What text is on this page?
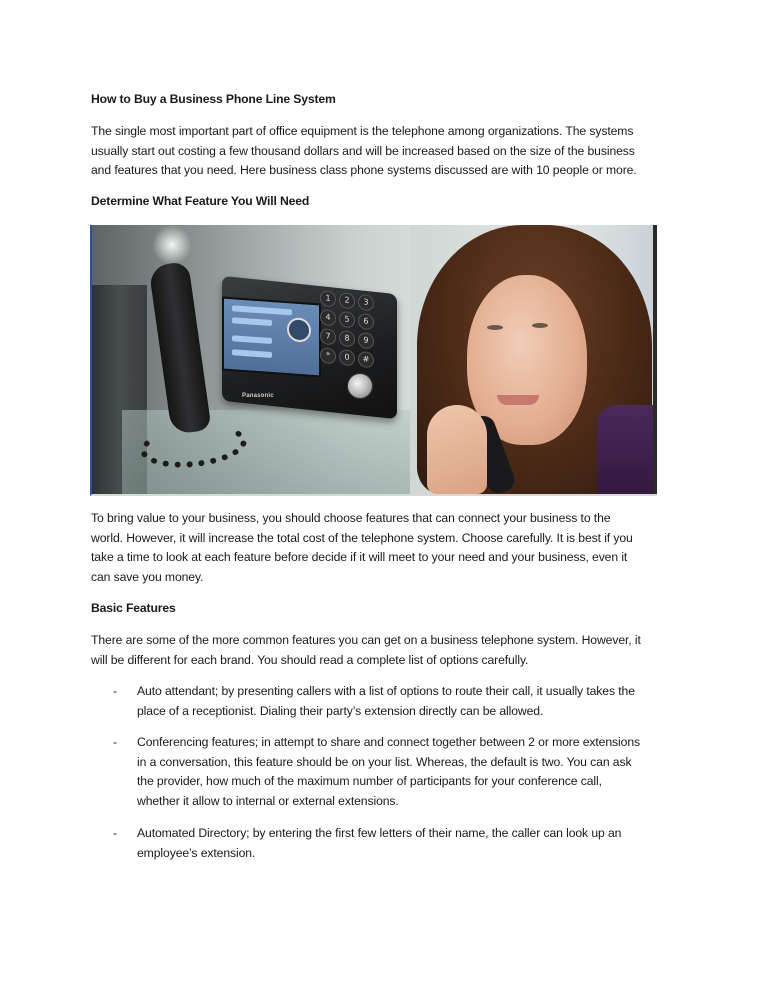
How to Buy a Business Phone Line System
The single most important part of office equipment is the telephone among organizations. The systems
usually start out costing a few thousand dollars and will be increased based on the size of the business
and features that you need. Here business class phone systems discussed are with 10 people or more.
Determine What Feature You Will Need
1	2	3
4	5	6
7	8	9
*	0	#
Panasonic
To bring value to your business, you should choose features that can connect your business to the
world. However, it will increase the total cost of the telephone system. Choose carefully. It is best if you
take a time to look at each feature before decide if it will meet to your need and your business, even it
can save you money.
Basic Features
There are some of the more common features you can get on a business telephone system. However, it
will be different for each brand. You should read a complete list of options carefully.
- Auto attendant; by presenting callers with a list of options to route their call, it usually takes the
place of a receptionist. Dialing their party’s extension directly can be allowed.
- Conferencing features; in attempt to share and connect together between 2 or more extensions
in a conversation, this feature should be on your list. Whereas, the default is two. You can ask
the provider, how much of the maximum number of participants for your conference call,
whether it allow to internal or external extensions.
- Automated Directory; by entering the first few letters of their name, the caller can look up an
employee’s extension.
